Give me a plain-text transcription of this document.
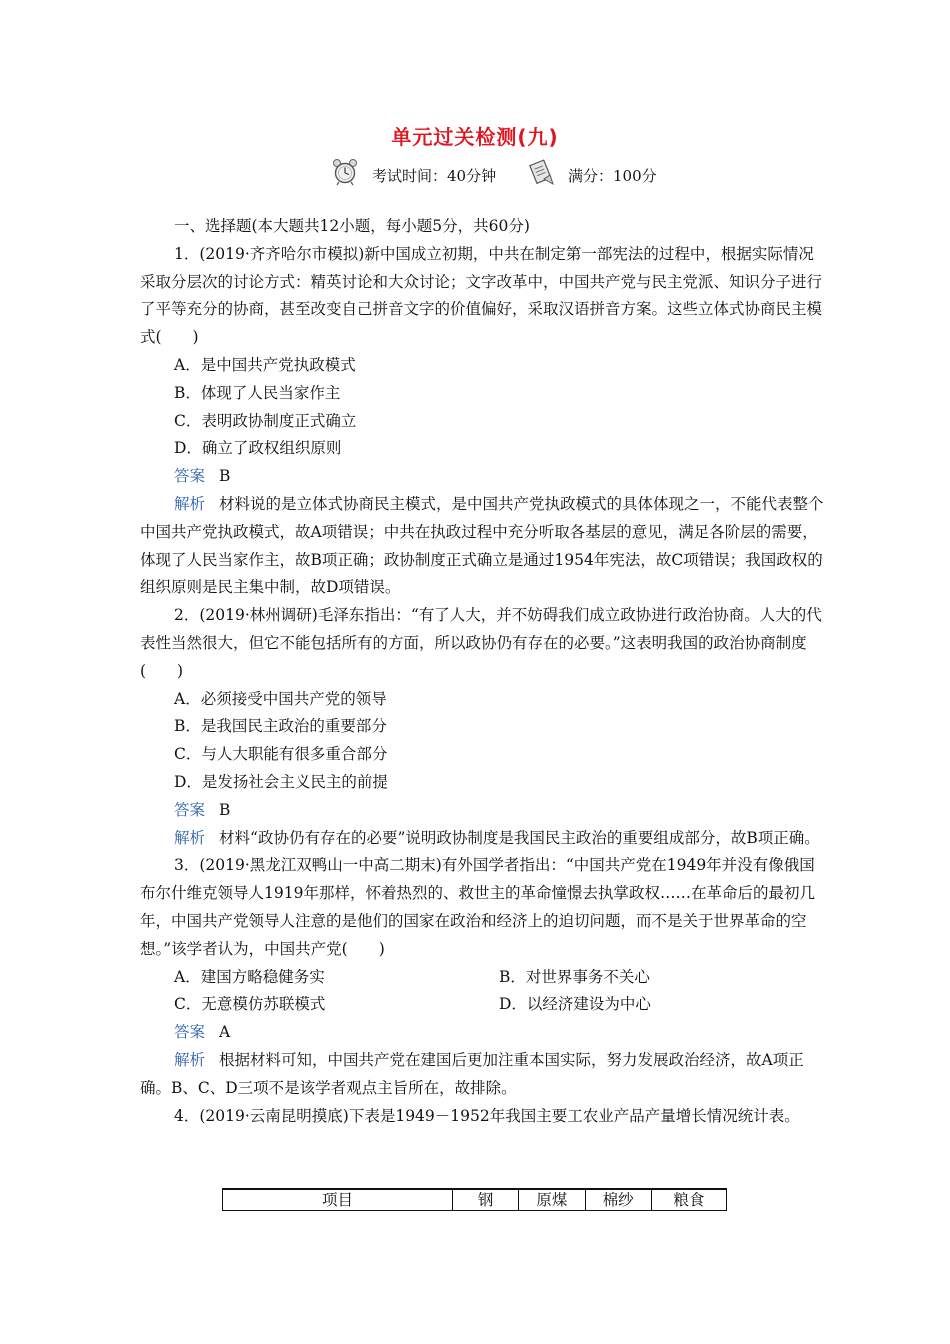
单元过关检测(九)
考试时间：40分钟	满分：100分

一、选择题(本大题共12小题，每小题5分，共60分)

1．(2019·齐齐哈尔市模拟)新中国成立初期，中共在制定第一部宪法的过程中，根据实际情况采取分层次的讨论方式：精英讨论和大众讨论；文字改革中，中国共产党与民主党派、知识分子进行了平等充分的协商，甚至改变自己拼音文字的价值偏好，采取汉语拼音方案。这些立体式协商民主模式(　　)

A．是中国共产党执政模式

B．体现了人民当家作主

C．表明政协制度正式确立

D．确立了政权组织原则

答案 B

解析 材料说的是立体式协商民主模式，是中国共产党执政模式的具体体现之一，不能代表整个中国共产党执政模式，故A项错误；中共在执政过程中充分听取各基层的意见，满足各阶层的需要，体现了人民当家作主，故B项正确；政协制度正式确立是通过1954年宪法，故C项错误；我国政权的组织原则是民主集中制，故D项错误。

2．(2019·林州调研)毛泽东指出：“有了人大，并不妨碍我们成立政协进行政治协商。人大的代表性当然很大，但它不能包括所有的方面，所以政协仍有存在的必要。”这表明我国的政治协商制度(　　)

A．必须接受中国共产党的领导

B．是我国民主政治的重要部分

C．与人大职能有很多重合部分

D．是发扬社会主义民主的前提

答案 B

解析 材料“政协仍有存在的必要”说明政协制度是我国民主政治的重要组成部分，故B项正确。

3．(2019·黑龙江双鸭山一中高二期末)有外国学者指出：“中国共产党在1949年并没有像俄国布尔什维克领导人1919年那样，怀着热烈的、救世主的革命憧憬去执掌政权……在革命后的最初几年，中国共产党领导人注意的是他们的国家在政治和经济上的迫切问题，而不是关于世界革命的空想。”该学者认为，中国共产党(　　)

A．建国方略稳健务实	B．对世界事务不关心
C．无意模仿苏联模式	D．以经济建设为中心

答案 A

解析 根据材料可知，中国共产党在建国后更加注重本国实际，努力发展政治经济，故A项正确。B、C、D三项不是该学者观点主旨所在，故排除。

4．(2019·云南昆明摸底)下表是1949－1952年我国主要工农业产品产量增长情况统计表。

项目	钢	原煤	棉纱	粮食
